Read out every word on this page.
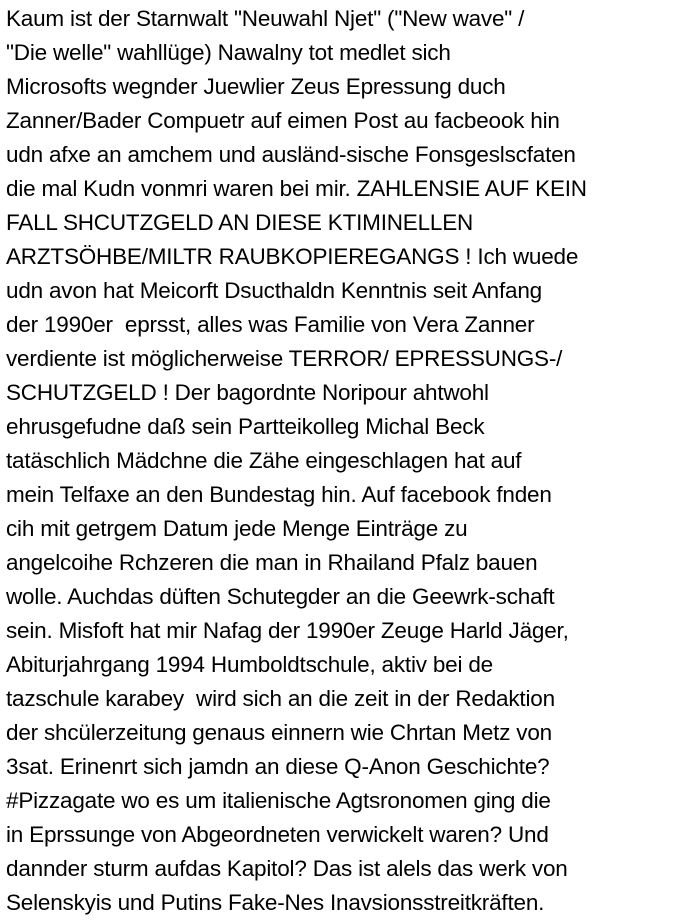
Kaum ist der Starnwalt "Neuwahl Njet" ("New wave" /
"Die welle" wahllüge) Nawalny tot medlet sich
Microsofts wegnder Juewlier Zeus Epressung duch
Zanner/Bader Compuetr auf eimen Post au facbeook hin
udn afxe an amchem und ausländ-sische Fonsgeslscfaten
die mal Kudn vonmri waren bei mir. ZAHLENSIE AUF KEIN
FALL SHCUTZGELD AN DIESE KTIMINELLEN
ARZTSÖHBE/MILTR RAUBKOPIEREGANGS ! Ich wuede
udn avon hat Meicorft Dsucthaldn Kenntnis seit Anfang
der 1990er  eprsst, alles was Familie von Vera Zanner
verdiente ist möglicherweise TERROR/ EPRESSUNGS-/
SCHUTZGELD ! Der bagordnte Noripour ahtwohl
ehrusgefudne daß sein Partteikolleg Michal Beck
tatäschlich Mädchne die Zähe eingeschlagen hat auf
mein Telfaxe an den Bundestag hin. Auf facebook fnden
cih mit getrgem Datum jede Menge Einträge zu
angelcoihe Rchzeren die man in Rhailand Pfalz bauen
wolle. Auchdas düften Schutegder an die Geewrk-schaft
sein. Misfoft hat mir Nafag der 1990er Zeuge Harld Jäger,
Abiturjahrgang 1994 Humboldtschule, aktiv bei de
tazschule karabey  wird sich an die zeit in der Redaktion
der shcülerzeitung genaus einnern wie Chrtan Metz von
3sat. Erinenrt sich jamdn an diese Q-Anon Geschichte?
#Pizzagate wo es um italienische Agtsronomen ging die
in Eprssunge von Abgeordneten verwickelt waren? Und
dannder sturm aufdas Kapitol? Das ist alels das werk von
Selenskyis und Putins Fake-Nes Inavsionsstreitkräften.
